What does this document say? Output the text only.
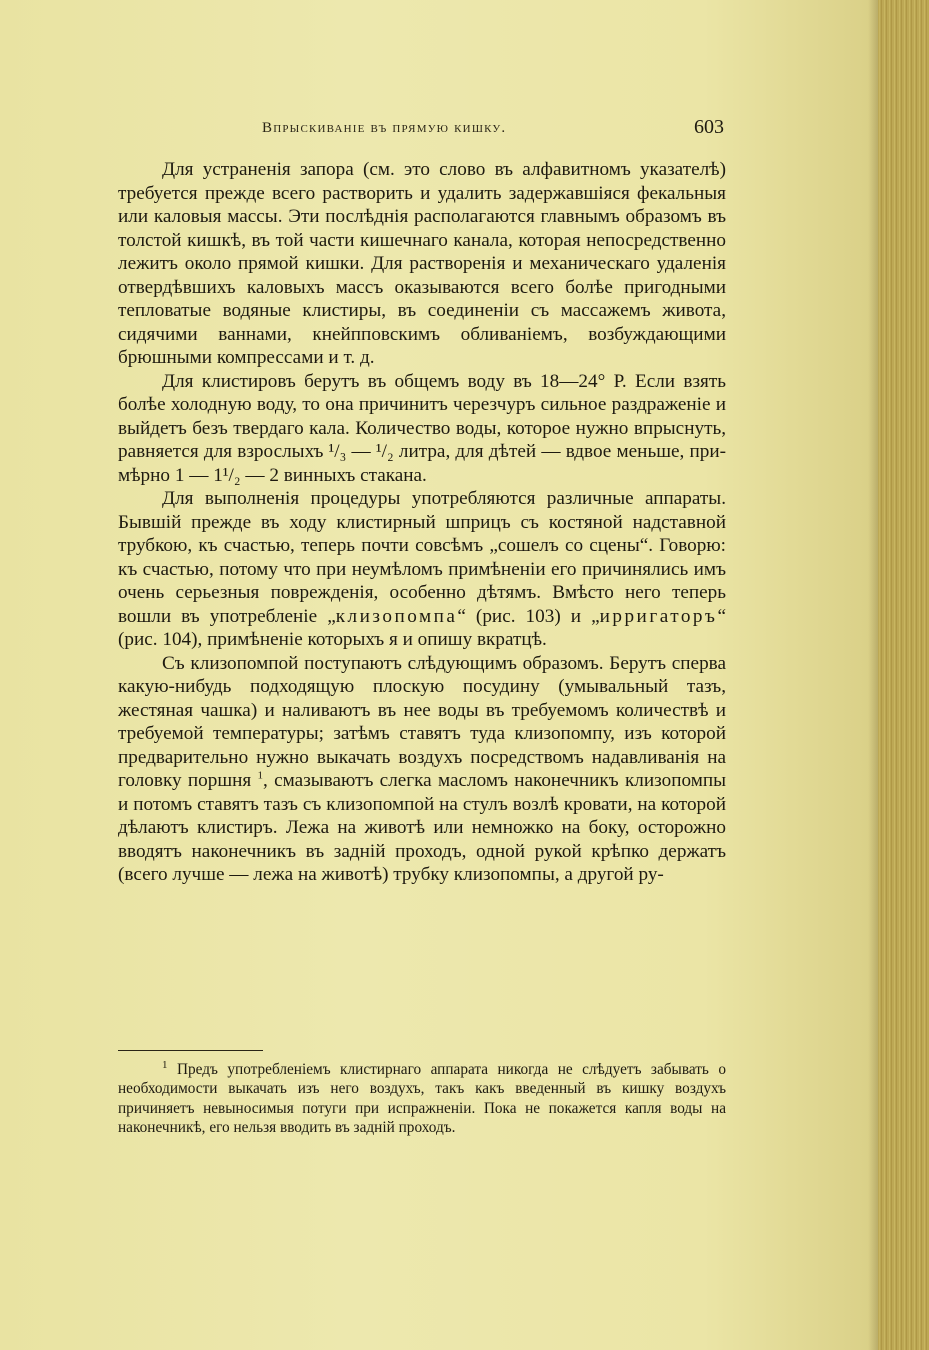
Впрыскиванiе въ прямую кишку.	603

Для устраненiя запора (см. это слово въ алфавитномъ указателѣ) требуется прежде всего растворить и удалить задержавшiяся фекальныя или каловыя массы. Эти послѣднiя располагаются главнымъ образомъ въ толстой кишкѣ, въ той части кишечнаго канала, которая непосредственно лежитъ около прямой кишки. Для растворенiя и механическаго удаленiя отвердѣвшихъ каловыхъ массъ оказываются всего болѣе пригодными тепловатые водяные клистиры, въ соединенiи съ массажемъ живота, сидячими ваннами, кнейпповскимъ обливанiемъ, возбуждающими брюшными компрессами и т. д.

Для клистировъ берутъ въ общемъ воду въ 18—24° Р. Если взять болѣе холодную воду, то она причинитъ черезчуръ сильное раздраженiе и выйдетъ безъ твердаго кала. Количество воды, которое нужно впрыснуть, равняется для взрослыхъ ¹/₃ — ¹/₂ литра, для дѣтей — вдвое меньше, примѣрно 1 — 1¹/₂ — 2 винныхъ стакана.

Для выполненiя процедуры употребляются различные аппараты. Бывшiй прежде въ ходу клистирный шприцъ съ костяной надставной трубкою, къ счастью, теперь почти совсѣмъ „сошелъ со сцены“. Говорю: къ счастью, потому что при неумѣломъ примѣненiи его причинялись имъ очень серьезныя поврежденiя, особенно дѣтямъ. Вмѣсто него теперь вошли въ употребленiе „клизопомпа“ (рис. 103) и „ирригаторъ“ (рис. 104), примѣненiе которыхъ я и опишу вкратцѣ.

Съ клизопомпой поступаютъ слѣдующимъ образомъ. Берутъ сперва какую-нибудь подходящую плоскую посудину (умывальный тазъ, жестяная чашка) и наливаютъ въ нее воды въ требуемомъ количествѣ и требуемой температуры; затѣмъ ставятъ туда клизопомпу, изъ которой предварительно нужно выкачать воздухъ посредствомъ надавливанiя на головку поршня $^1$, смазываютъ слегка масломъ наконечникъ клизопомпы и потомъ ставятъ тазъ съ клизопомпой на стулъ возлѣ кровати, на которой дѣлаютъ клистиръ. Лежа на животѣ или немножко на боку, осторожно вводятъ наконечникъ въ заднiй проходъ, одной рукой крѣпко держатъ (всего лучше — лежа на животѣ) трубку клизопомпы, а другой ру-

$^1$ Предъ употребленiемъ клистирнаго аппарата никогда не слѣдуетъ забывать о необходимости выкачать изъ него воздухъ, такъ какъ введенный въ кишку воздухъ причиняетъ невыносимыя потуги при испражненiи. Пока не покажется капля воды на наконечникѣ, его нельзя вводить въ заднiй проходъ.
